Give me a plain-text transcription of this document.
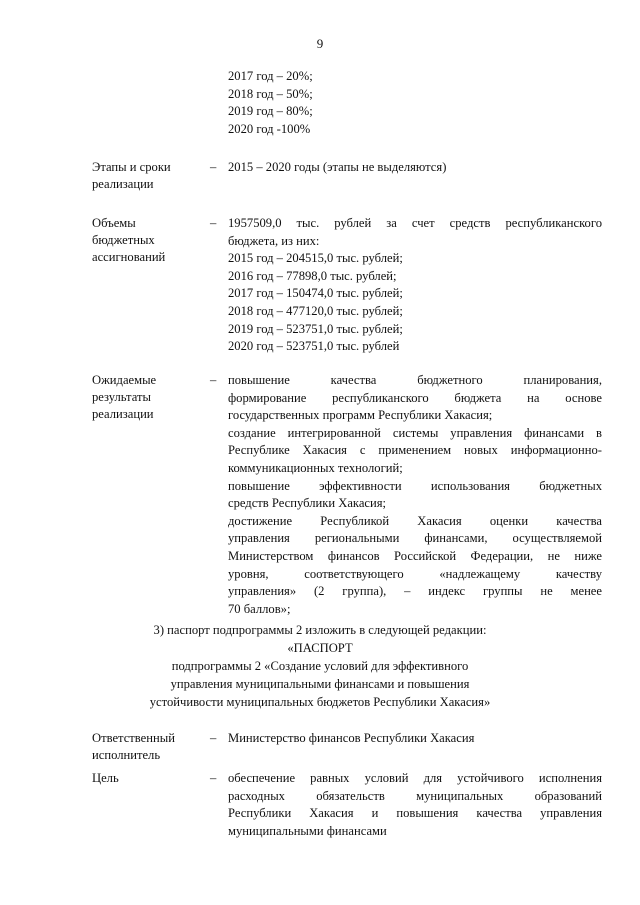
9
2017 год – 20%;
2018 год – 50%;
2019 год – 80%;
2020 год -100%
Этапы и сроки
реализации
– 2015 – 2020 годы (этапы не выделяются)
Объемы
бюджетных
ассигнований
– 1957509,0 тыс. рублей за счет средств республиканского
бюджета, из них:
2015 год – 204515,0 тыс. рублей;
2016 год – 77898,0 тыс. рублей;
2017 год – 150474,0 тыс. рублей;
2018 год – 477120,0 тыс. рублей;
2019 год – 523751,0 тыс. рублей;
2020 год – 523751,0 тыс. рублей
Ожидаемые
результаты
реализации
– повышение качества бюджетного планирования,
формирование республиканского бюджета на основе
государственных программ Республики Хакасия;
создание интегрированной системы управления финансами в
Республике Хакасия с применением новых информационно-
коммуникационных технологий;
повышение эффективности использования бюджетных
средств Республики Хакасия;
достижение Республикой Хакасия оценки качества
управления региональными финансами, осуществляемой
Министерством финансов Российской Федерации, не ниже
уровня, соответствующего «надлежащему качеству
управления» (2 группа), – индекс группы не менее
70 баллов»;
3) паспорт подпрограммы 2 изложить в следующей редакции:
«ПАСПОРТ
подпрограммы 2 «Создание условий для эффективного
управления муниципальными финансами и повышения
устойчивости муниципальных бюджетов Республики Хакасия»
Ответственный
исполнитель
– Министерство финансов Республики Хакасия
Цель	– обеспечение равных условий для устойчивого исполнения
расходных обязательств муниципальных образований
Республики Хакасия и повышения качества управления
муниципальными финансами
